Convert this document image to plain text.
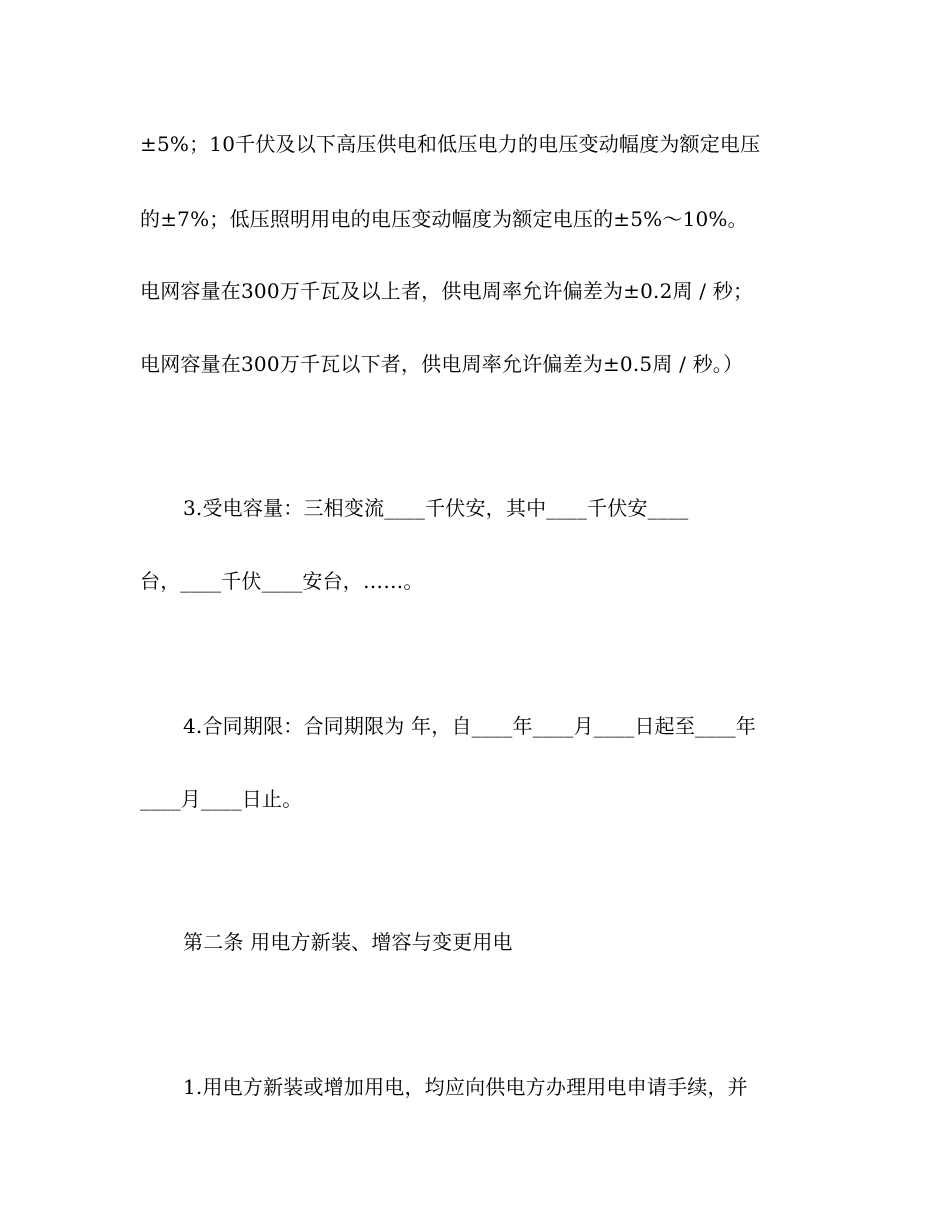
±5%；10千伏及以下高压供电和低压电力的电压变动幅度为额定电压
的±7%；低压照明用电的电压变动幅度为额定电压的±5%～10%。
电网容量在300万千瓦及以上者，供电周率允许偏差为±0.2周 / 秒；
电网容量在300万千瓦以下者，供电周率允许偏差为±0.5周 / 秒。）
3.受电容量：三相变流____千伏安，其中____千伏安____
台，____千伏____安台，……。
4.合同期限：合同期限为 年，自____年____月____日起至____年
____月____日止。
第二条 用电方新装、增容与变更用电
1.用电方新装或增加用电，均应向供电方办理用电申请手续，并
